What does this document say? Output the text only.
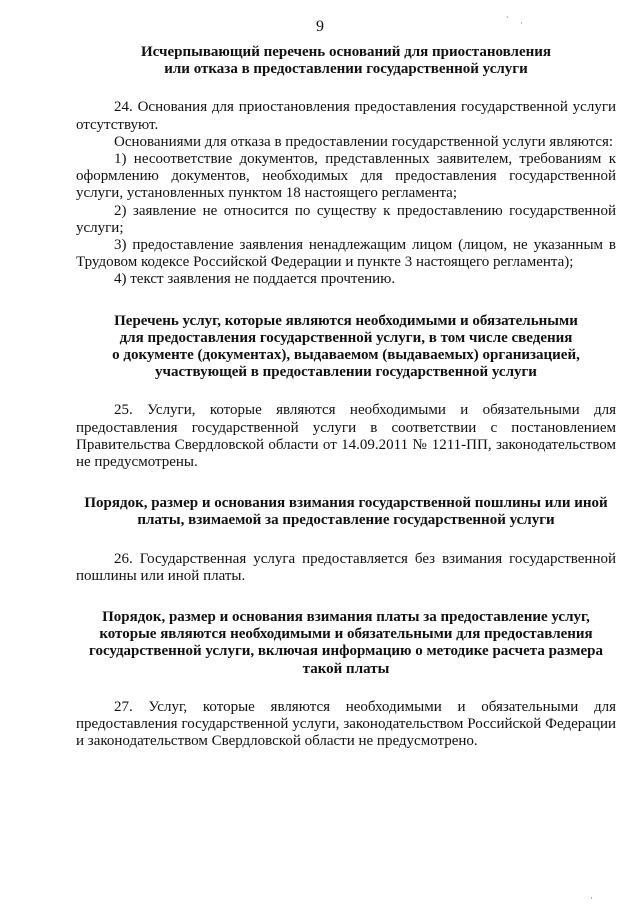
ˎ
·
·
9
Исчерпывающий перечень оснований для приостановления
или отказа в предоставлении государственной услуги

24. Основания для приостановления предоставления государственной услуги отсутствуют.

Основаниями для отказа в предоставлении государственной услуги являются:

1) несоответствие документов, представленных заявителем, требованиям к оформлению документов, необходимых для предоставления государственной услуги, установленных пунктом 18 настоящего регламента;

2) заявление не относится по существу к предоставлению государственной услуги;

3) предоставление заявления ненадлежащим лицом (лицом, не указанным в Трудовом кодексе Российской Федерации и пункте 3 настоящего регламента);

4) текст заявления не поддается прочтению.

Перечень услуг, которые являются необходимыми и обязательными
для предоставления государственной услуги, в том числе сведения
о документе (документах), выдаваемом (выдаваемых) организацией,
участвующей в предоставлении государственной услуги

25. Услуги, которые являются необходимыми и обязательными для предоставления государственной услуги в соответствии с постановлением Правительства Свердловской области от 14.09.2011 № 1211-ПП, законодательством не предусмотрены.

Порядок, размер и основания взимания государственной пошлины или иной
платы, взимаемой за предоставление государственной услуги

26. Государственная услуга предоставляется без взимания государственной пошлины или иной платы.

Порядок, размер и основания взимания платы за предоставление услуг,
которые являются необходимыми и обязательными для предоставления
государственной услуги, включая информацию о методике расчета размера
такой платы

27. Услуг, которые являются необходимыми и обязательными для предоставления государственной услуги, законодательством Российской Федерации и законодательством Свердловской области не предусмотрено.
